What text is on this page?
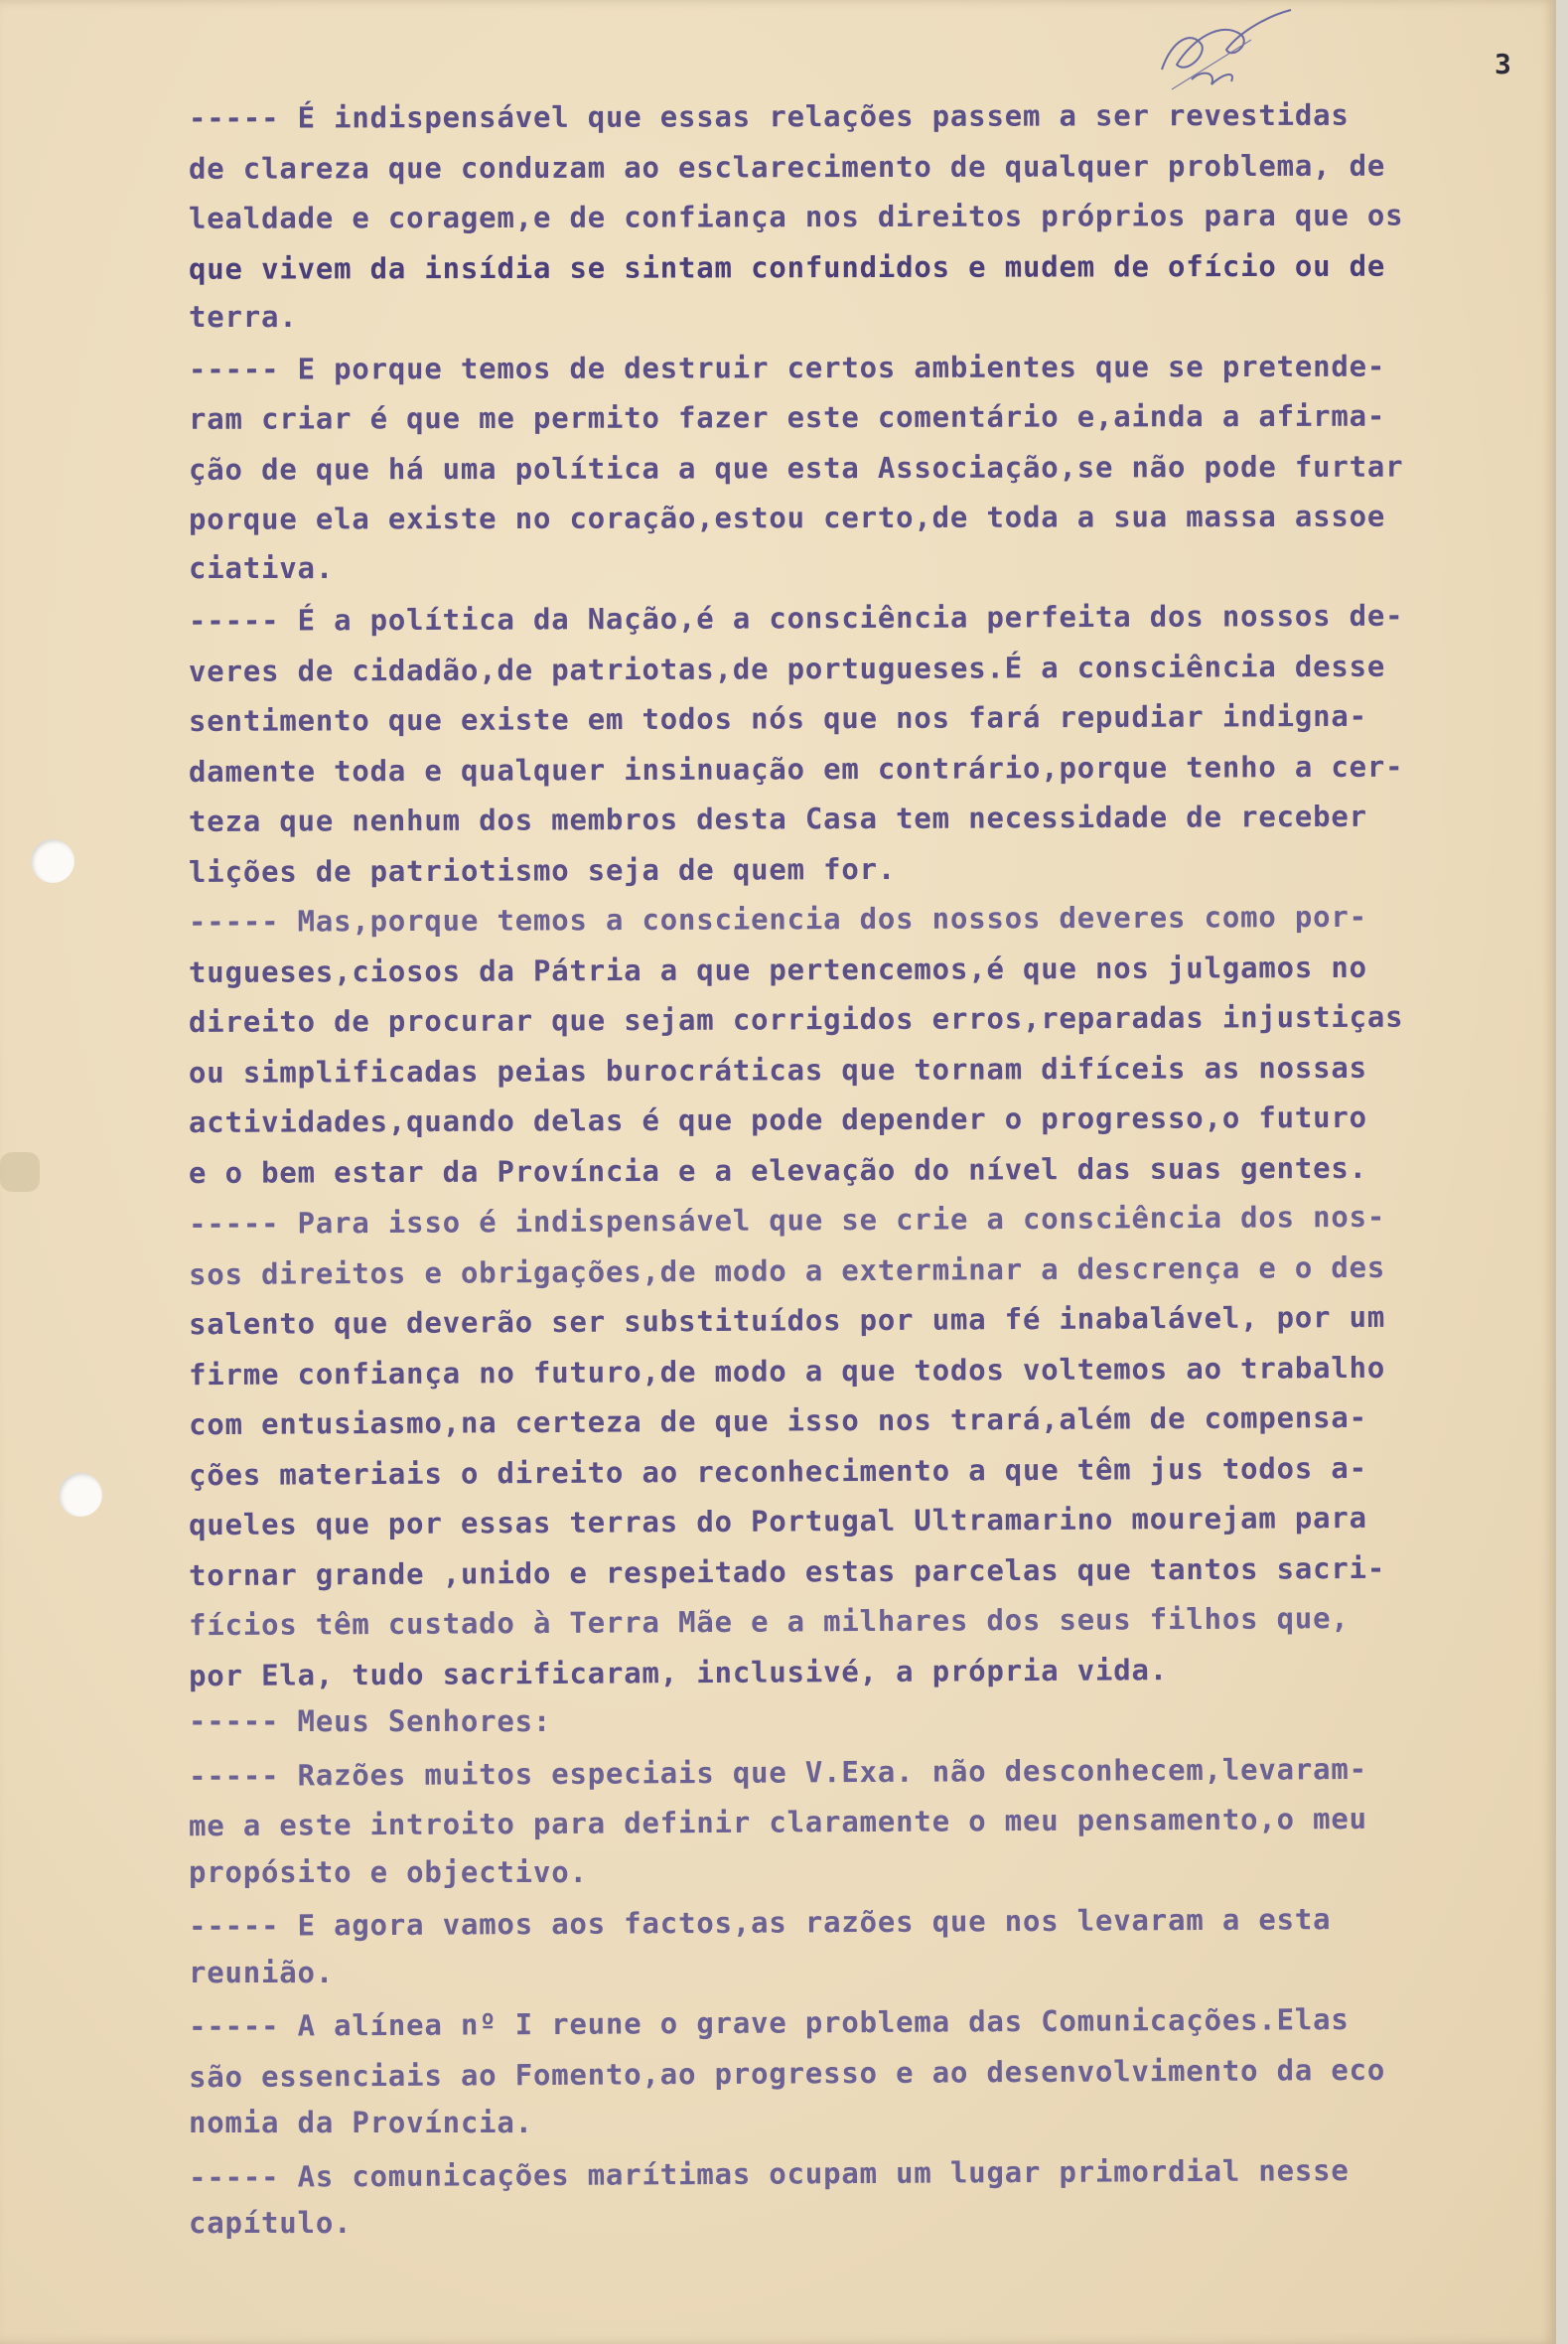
3
----- É indispensável que essas relações passem a ser revestidas
de clareza que conduzam ao esclarecimento de qualquer problema, de
lealdade e coragem,e de confiança nos direitos próprios para que os
que vivem da insídia se sintam confundidos e mudem de ofício ou de
terra.
----- E porque temos de destruir certos ambientes que se pretende-
ram criar é que me permito fazer este comentário e,ainda a afirma-
ção de que há uma política a que esta Associação,se não pode furtar
porque ela existe no coração,estou certo,de toda a sua massa assoe
ciativa.
----- É a política da Nação,é a consciência perfeita dos nossos de-
veres de cidadão,de patriotas,de portugueses.É a consciência desse
sentimento que existe em todos nós que nos fará repudiar indigna-
damente toda e qualquer insinuação em contrário,porque tenho a cer-
teza que nenhum dos membros desta Casa tem necessidade de receber
lições de patriotismo seja de quem for.
----- Mas,porque temos a consciencia dos nossos deveres como por-
tugueses,ciosos da Pátria a que pertencemos,é que nos julgamos no
direito de procurar que sejam corrigidos erros,reparadas injustiças
ou simplificadas peias burocráticas que tornam difíceis as nossas
actividades,quando delas é que pode depender o progresso,o futuro
e o bem estar da Província e a elevação do nível das suas gentes.
----- Para isso é indispensável que se crie a consciência dos nos-
sos direitos e obrigações,de modo a exterminar a descrença e o des
salento que deverão ser substituídos por uma fé inabalável, por um
firme confiança no futuro,de modo a que todos voltemos ao trabalho
com entusiasmo,na certeza de que isso nos trará,além de compensa-
ções materiais o direito ao reconhecimento a que têm jus todos a-
queles que por essas terras do Portugal Ultramarino mourejam para
tornar grande ,unido e respeitado estas parcelas que tantos sacri-
fícios têm custado à Terra Mãe e a milhares dos seus filhos que,
por Ela, tudo sacrificaram, inclusivé, a própria vida.
----- Meus Senhores:
----- Razões muitos especiais que V.Exa. não desconhecem,levaram-
me a este introito para definir claramente o meu pensamento,o meu
propósito e objectivo.
----- E agora vamos aos factos,as razões que nos levaram a esta
reunião.
----- A alínea nº I reune o grave problema das Comunicações.Elas
são essenciais ao Fomento,ao progresso e ao desenvolvimento da eco
nomia da Província.
----- As comunicações marítimas ocupam um lugar primordial nesse
capítulo.
